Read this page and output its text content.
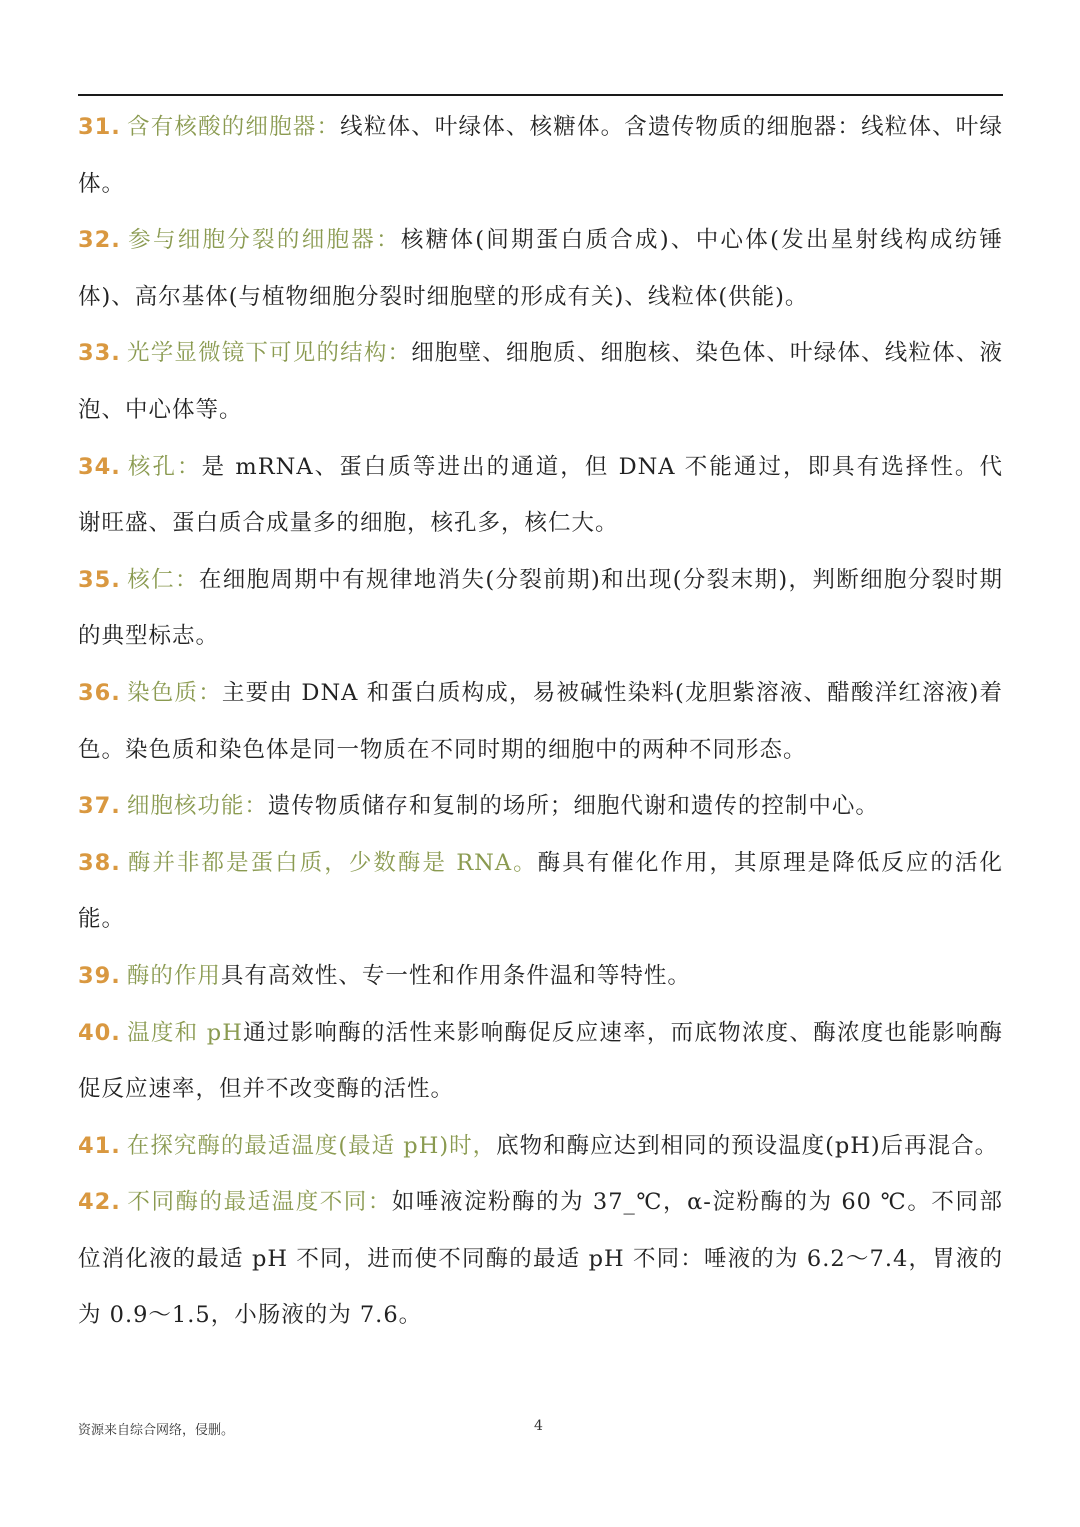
31. 含有核酸的细胞器：线粒体、叶绿体、核糖体。含遗传物质的细胞器：线粒体、叶绿体。

32. 参与细胞分裂的细胞器：核糖体(间期蛋白质合成)、中心体(发出星射线构成纺锤体)、高尔基体(与植物细胞分裂时细胞壁的形成有关)、线粒体(供能)。

33. 光学显微镜下可见的结构：细胞壁、细胞质、细胞核、染色体、叶绿体、线粒体、液泡、中心体等。

34. 核孔：是 mRNA、蛋白质等进出的通道，但 DNA 不能通过，即具有选择性。代　　谢旺盛、蛋白质合成量多的细胞，核孔多，核仁大。

35. 核仁：在细胞周期中有规律地消失(分裂前期)和出现(分裂末期)，判断细胞分裂时期的典型标志。

36. 染色质：主要由 DNA 和蛋白质构成，易被碱性染料(龙胆紫溶液、醋酸洋红溶液)着色。染色质和染色体是同一物质在不同时期的细胞中的两种不同形态。

37. 细胞核功能：遗传物质储存和复制的场所；细胞代谢和遗传的控制中心。

38. 酶并非都是蛋白质，少数酶是 RNA。酶具有催化作用，其原理是降低反应的活化能。

39. 酶的作用具有高效性、专一性和作用条件温和等特性。

40. 温度和 pH通过影响酶的活性来影响酶促反应速率，而底物浓度、酶浓度也能影响酶促反应速率，但并不改变酶的活性。

41. 在探究酶的最适温度(最适 pH)时，底物和酶应达到相同的预设温度(pH)后再混合。

42. 不同酶的最适温度不同：如唾液淀粉酶的为 37_℃，α-淀粉酶的为 60 ℃。不同部位消化液的最适 pH 不同，进而使不同酶的最适 pH 不同：唾液的为 6.2～7.4，胃液的为 0.9～1.5，小肠液的为 7.6。

资源来自综合网络，侵删。	4
